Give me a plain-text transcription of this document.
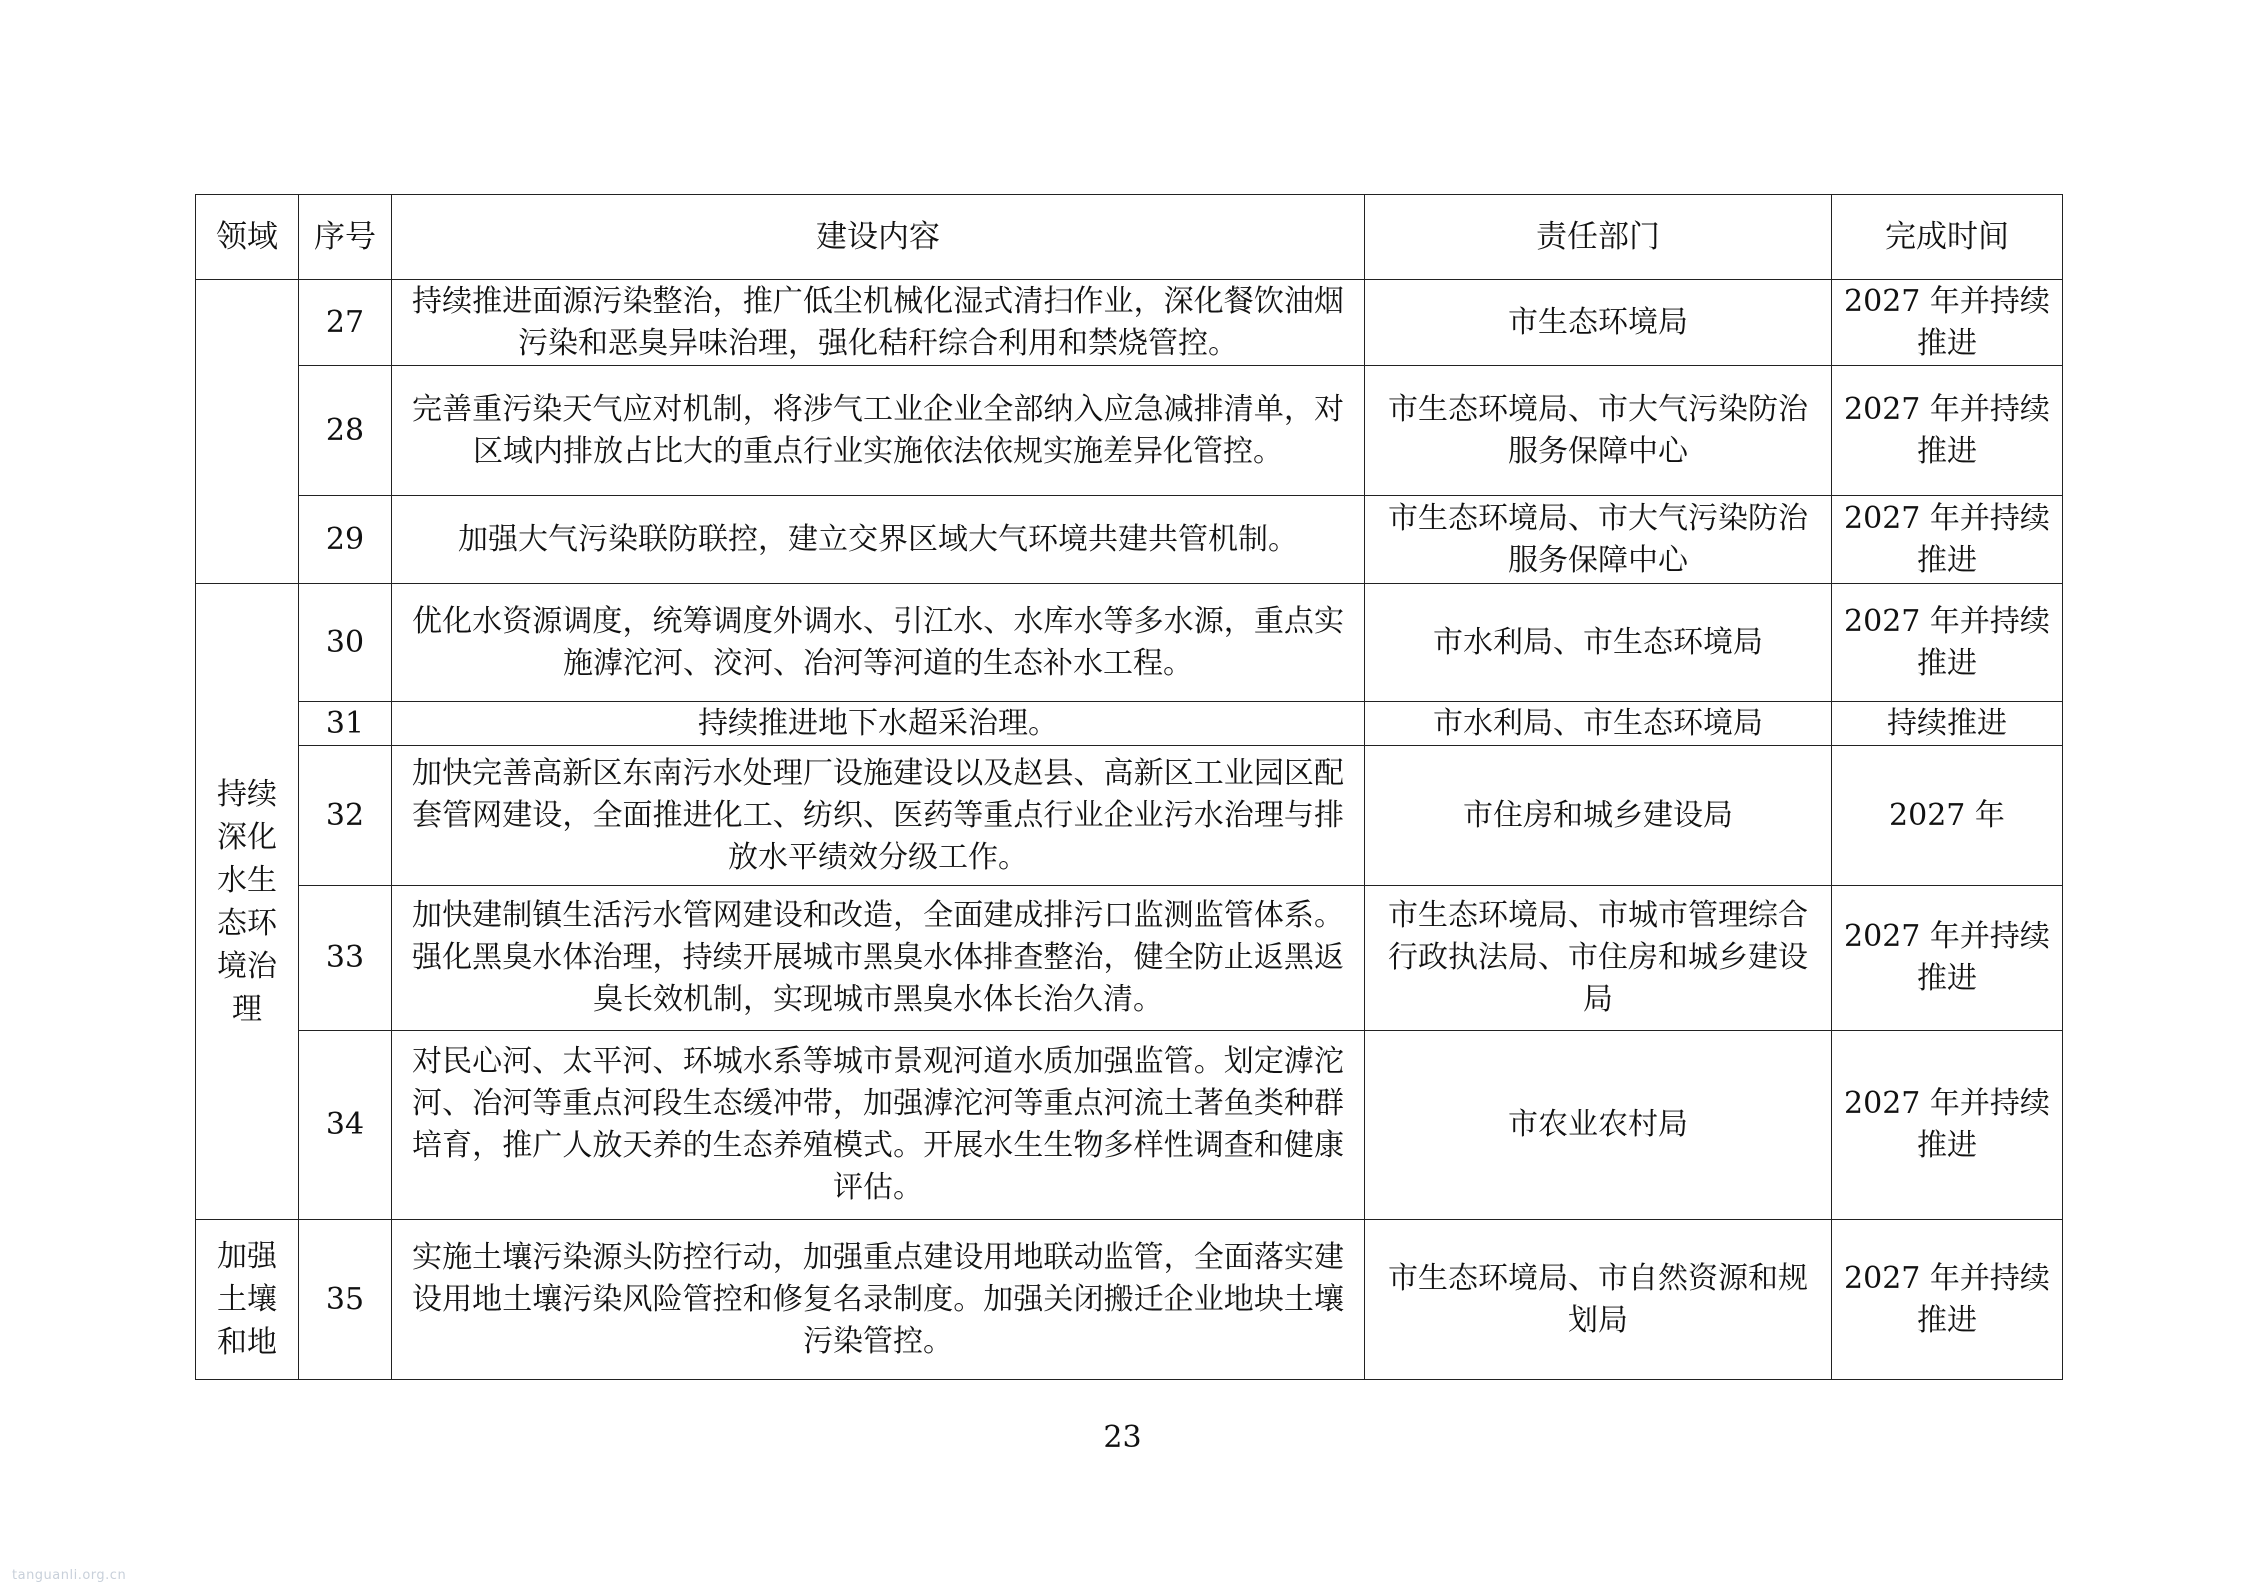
领域	序号	建设内容	责任部门	完成时间
	27	持续推进面源污染整治，推广低尘机械化湿式清扫作业，深化餐饮油烟污染和恶臭异味治理，强化秸秆综合利用和禁烧管控。	市生态环境局	2027 年并持续推进
	28	完善重污染天气应对机制，将涉气工业企业全部纳入应急减排清单，对区域内排放占比大的重点行业实施依法依规实施差异化管控。	市生态环境局、市大气污染防治服务保障中心	2027 年并持续推进
	29	加强大气污染联防联控，建立交界区域大气环境共建共管机制。	市生态环境局、市大气污染防治服务保障中心	2027 年并持续推进
持续深化水生态环境治理	30	优化水资源调度，统筹调度外调水、引江水、水库水等多水源，重点实施滹沱河、洨河、冶河等河道的生态补水工程。	市水利局、市生态环境局	2027 年并持续推进
	31	持续推进地下水超采治理。	市水利局、市生态环境局	持续推进
	32	加快完善高新区东南污水处理厂设施建设以及赵县、高新区工业园区配套管网建设，全面推进化工、纺织、医药等重点行业企业污水治理与排放水平绩效分级工作。	市住房和城乡建设局	2027 年
	33	加快建制镇生活污水管网建设和改造，全面建成排污口监测监管体系。强化黑臭水体治理，持续开展城市黑臭水体排查整治，健全防止返黑返臭长效机制，实现城市黑臭水体长治久清。	市生态环境局、市城市管理综合行政执法局、市住房和城乡建设局	2027 年并持续推进
	34	对民心河、太平河、环城水系等城市景观河道水质加强监管。划定滹沱河、冶河等重点河段生态缓冲带，加强滹沱河等重点河流土著鱼类种群培育，推广人放天养的生态养殖模式。开展水生生物多样性调查和健康评估。	市农业农村局	2027 年并持续推进
加强土壤和地	35	实施土壤污染源头防控行动，加强重点建设用地联动监管，全面落实建设用地土壤污染风险管控和修复名录制度。加强关闭搬迁企业地块土壤污染管控。	市生态环境局、市自然资源和规划局	2027 年并持续推进
23
tanguanli.org.cn
